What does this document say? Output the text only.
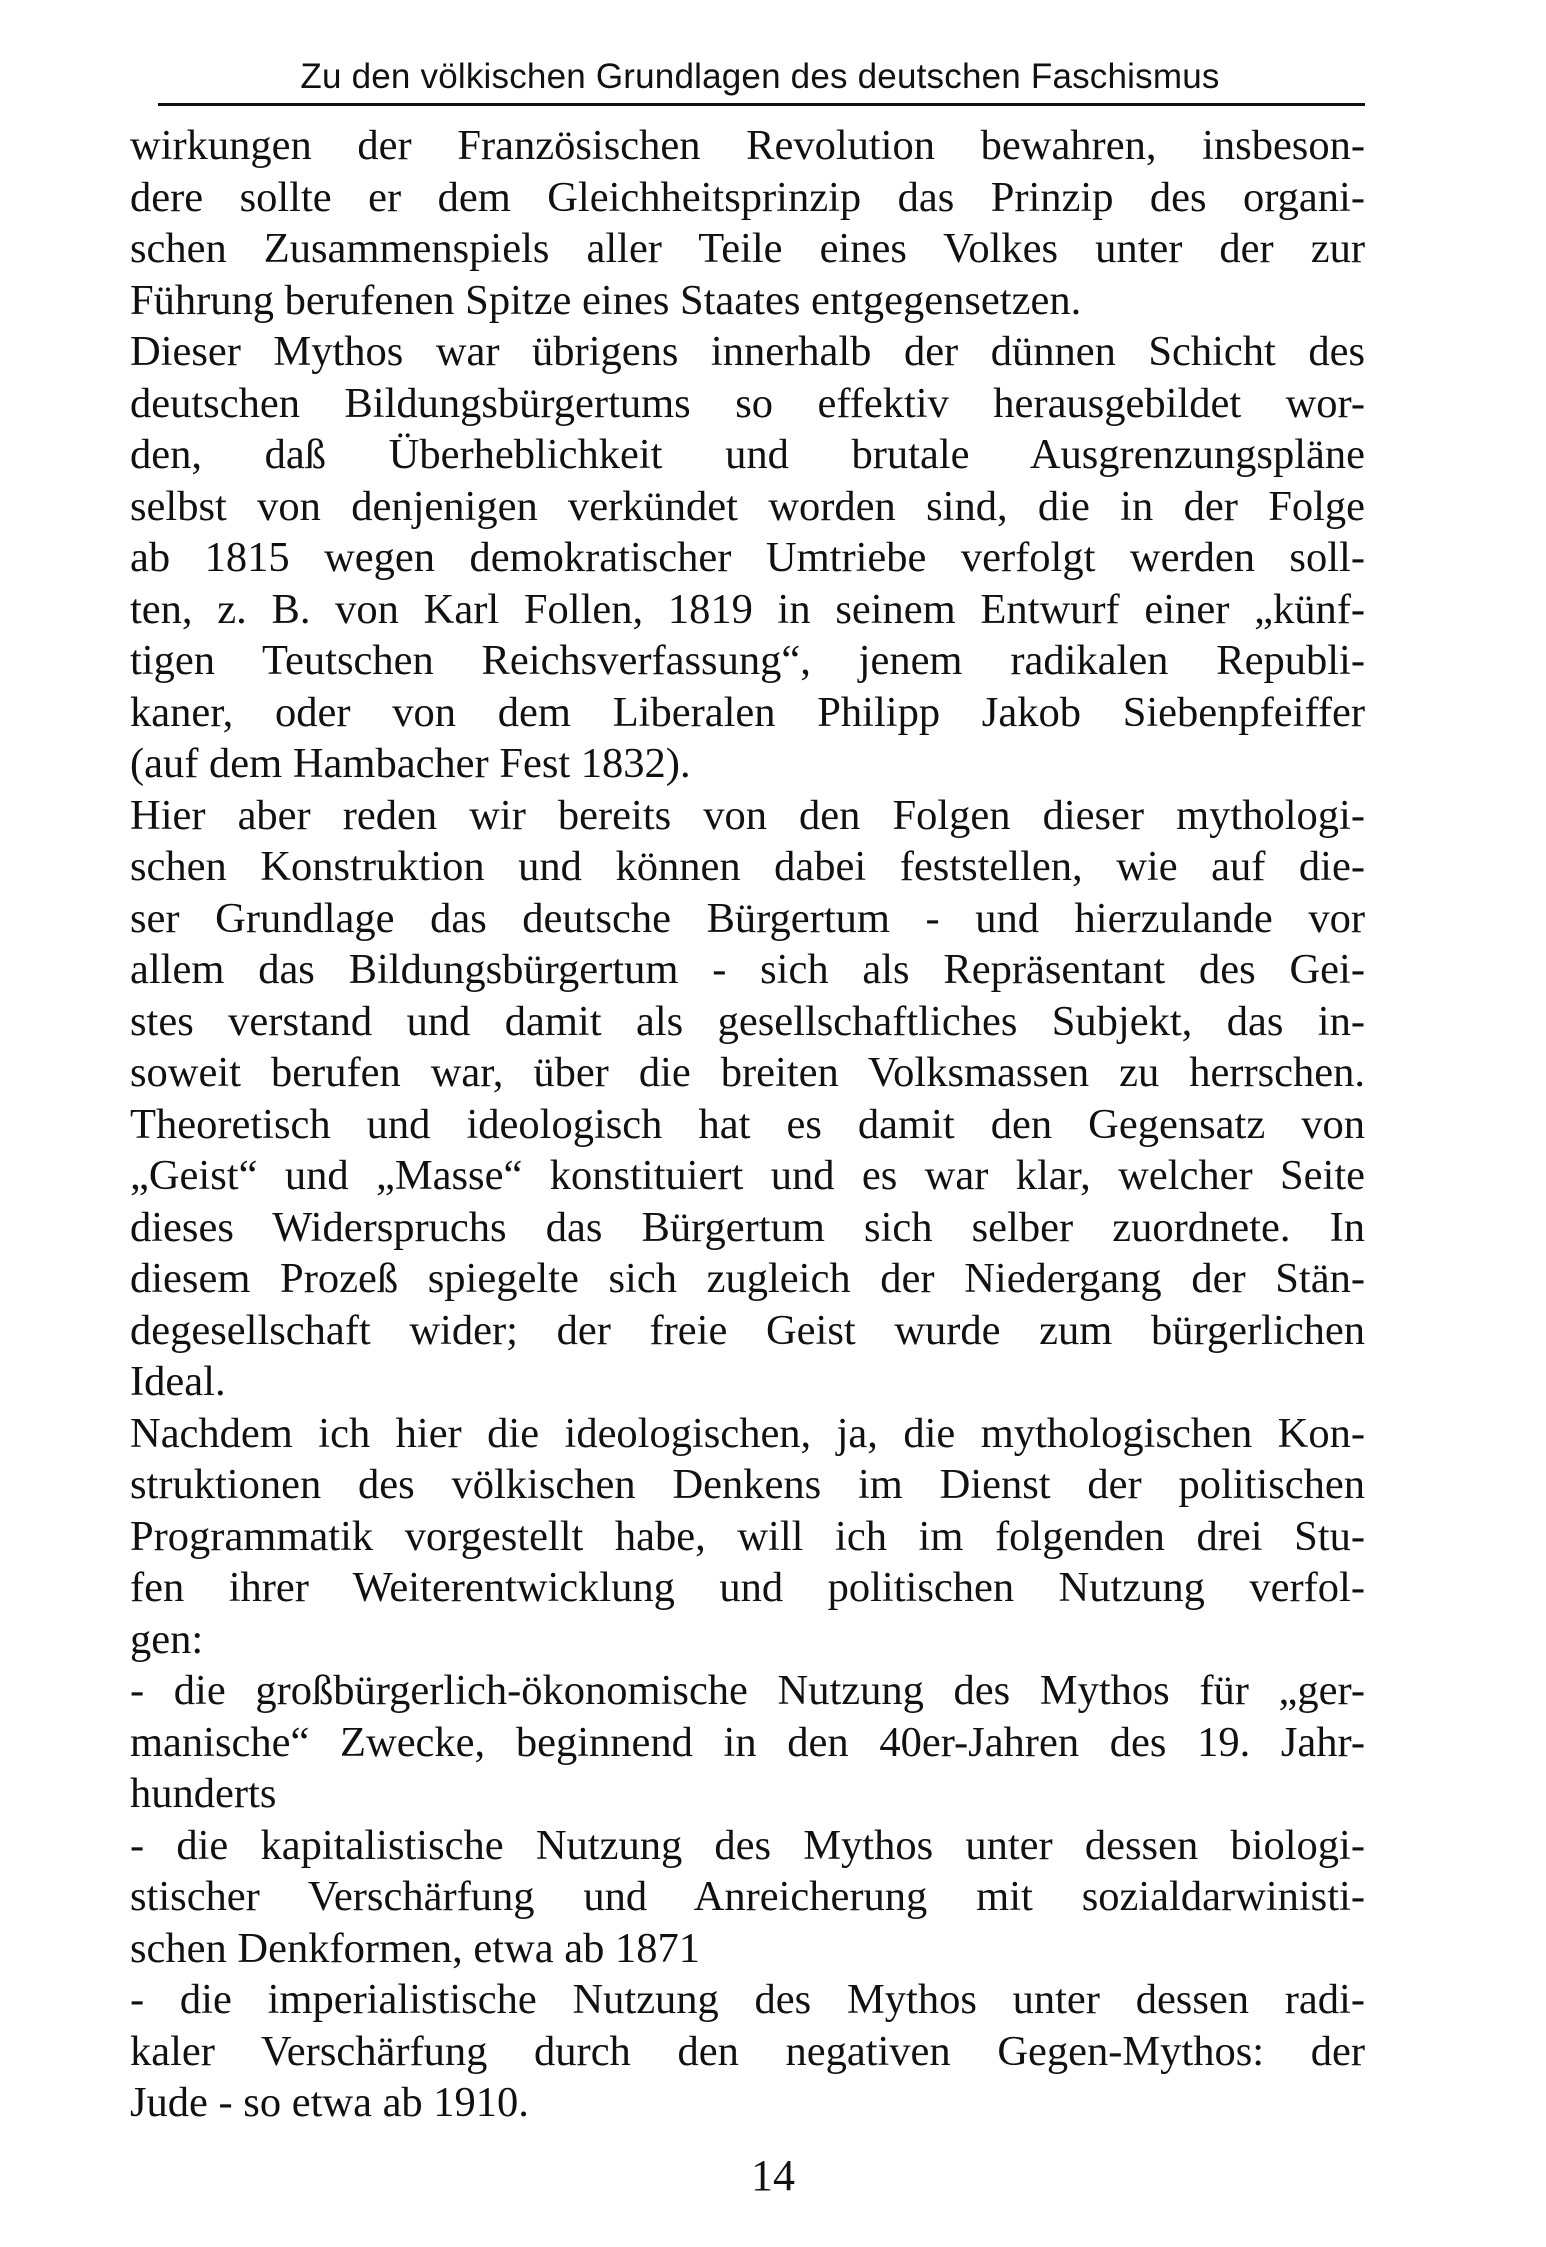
Zu den völkischen Grundlagen des deutschen Faschismus
wirkungen der Französischen Revolution bewahren, insbeson-
dere sollte er dem Gleichheitsprinzip das Prinzip des organi-
schen Zusammenspiels aller Teile eines Volkes unter der zur
Führung berufenen Spitze eines Staates entgegensetzen.
Dieser Mythos war übrigens innerhalb der dünnen Schicht des
deutschen Bildungsbürgertums so effektiv herausgebildet wor-
den, daß Überheblichkeit und brutale Ausgrenzungspläne
selbst von denjenigen verkündet worden sind, die in der Folge
ab 1815 wegen demokratischer Umtriebe verfolgt werden soll-
ten, z. B. von Karl Follen, 1819 in seinem Entwurf einer „künf-
tigen Teutschen Reichsverfassung“, jenem radikalen Republi-
kaner, oder von dem Liberalen Philipp Jakob Siebenpfeiffer
(auf dem Hambacher Fest 1832).
Hier aber reden wir bereits von den Folgen dieser mythologi-
schen Konstruktion und können dabei feststellen, wie auf die-
ser Grundlage das deutsche Bürgertum - und hierzulande vor
allem das Bildungsbürgertum - sich als Repräsentant des Gei-
stes verstand und damit als gesellschaftliches Subjekt, das in-
soweit berufen war, über die breiten Volksmassen zu herrschen.
Theoretisch und ideologisch hat es damit den Gegensatz von
„Geist“ und „Masse“ konstituiert und es war klar, welcher Seite
dieses Widerspruchs das Bürgertum sich selber zuordnete. In
diesem Prozeß spiegelte sich zugleich der Niedergang der Stän-
degesellschaft wider; der freie Geist wurde zum bürgerlichen
Ideal.
Nachdem ich hier die ideologischen, ja, die mythologischen Kon-
struktionen des völkischen Denkens im Dienst der politischen
Programmatik vorgestellt habe, will ich im folgenden drei Stu-
fen ihrer Weiterentwicklung und politischen Nutzung verfol-
gen:
- die großbürgerlich-ökonomische Nutzung des Mythos für „ger-
manische“ Zwecke, beginnend in den 40er-Jahren des 19. Jahr-
hunderts
- die kapitalistische Nutzung des Mythos unter dessen biologi-
stischer Verschärfung und Anreicherung mit sozialdarwinisti-
schen Denkformen, etwa ab 1871
- die imperialistische Nutzung des Mythos unter dessen radi-
kaler Verschärfung durch den negativen Gegen-Mythos: der
Jude - so etwa ab 1910.
14
